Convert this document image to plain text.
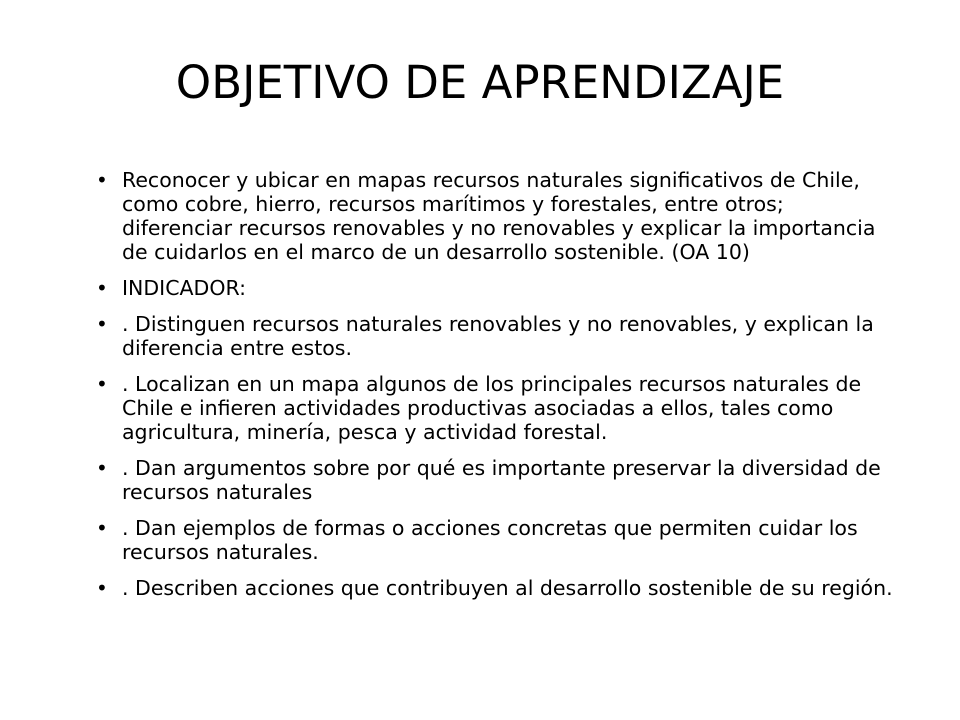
OBJETIVO DE APRENDIZAJE
• Reconocer y ubicar en mapas recursos naturales significativos de Chile, como cobre, hierro, recursos marítimos y forestales, entre otros; diferenciar recursos renovables y no renovables y explicar la importancia de cuidarlos en el marco de un desarrollo sostenible. (OA 10)
• INDICADOR:
• . Distinguen recursos naturales renovables y no renovables, y explican la diferencia entre estos.
• . Localizan en un mapa algunos de los principales recursos naturales de Chile e infieren actividades productivas asociadas a ellos, tales como agricultura, minería, pesca y actividad forestal.
• . Dan argumentos sobre por qué es importante preservar la diversidad de recursos naturales
• . Dan ejemplos de formas o acciones concretas que permiten cuidar los recursos naturales.
• . Describen acciones que contribuyen al desarrollo sostenible de su región.
